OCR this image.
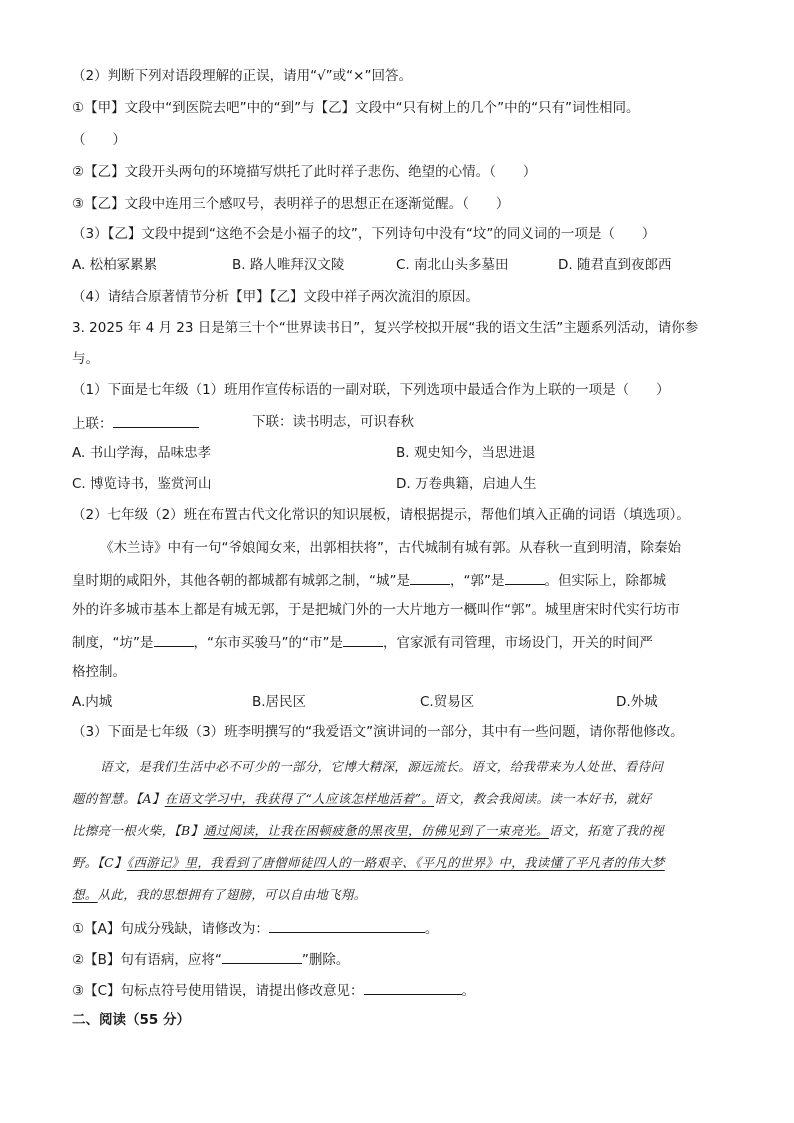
（2）判断下列对语段理解的正误，请用“√”或“×”回答。
①【甲】文段中“到医院去吧”中的“到”与【乙】文段中“只有树上的几个”中的“只有”词性相同。
（　　）
②【乙】文段开头两句的环境描写烘托了此时祥子悲伤、绝望的心情。（　　）
③【乙】文段中连用三个感叹号，表明祥子的思想正在逐渐觉醒。（　　）
（3）【乙】文段中提到“这绝不会是小福子的坟”，下列诗句中没有“坟”的同义词的一项是（　　）
A. 松柏冢累累	B. 路人唯拜汉文陵	C. 南北山头多墓田	D. 随君直到夜郎西
（4）请结合原著情节分析【甲】【乙】文段中祥子两次流泪的原因。
3. 2025 年 4 月 23 日是第三十个“世界读书日”，复兴学校拟开展“我的语文生活”主题系列活动，请你参
与。
（1）下面是七年级（1）班用作宣传标语的一副对联，下列选项中最适合作为上联的一项是（　　）
上联：	下联：读书明志，可识春秋
A. 书山学海，品味忠孝	B. 观史知今，当思进退
C. 博览诗书，鉴赏河山	D. 万卷典籍，启迪人生
（2）七年级（2）班在布置古代文化常识的知识展板，请根据提示，帮他们填入正确的词语（填选项）。
《木兰诗》中有一句“爷娘闻女来，出郭相扶将”，古代城制有城有郭。从春秋一直到明清，除秦始
皇时期的咸阳外，其他各朝的都城都有城郭之制，“城”是	，“郭”是	。但实际上，除都城
外的许多城市基本上都是有城无郭，于是把城门外的一大片地方一概叫作“郭”。城里唐宋时代实行坊市
制度，“坊”是	，“东市买骏马”的“市”是	，官家派有司管理，市场设门，开关的时间严
格控制。
A.内城	B.居民区	C.贸易区	D.外城
（3）下面是七年级（3）班李明撰写的“我爱语文”演讲词的一部分，其中有一些问题，请你帮他修改。
语文，是我们生活中必不可少的一部分，它博大精深，源远流长。语文，给我带来为人处世、看待问
题的智慧。【A】在语文学习中，我获得了“人应该怎样地活着”。语文，教会我阅读。读一本好书，就好
比擦亮一根火柴，【B】通过阅读，让我在困顿疲惫的黑夜里，仿佛见到了一束亮光。语文，拓宽了我的视
野。【C】《西游记》里，我看到了唐僧师徒四人的一路艰辛、《平凡的世界》中，我读懂了平凡者的伟大梦
想。从此，我的思想拥有了翅膀，可以自由地飞翔。
①【A】句成分残缺，请修改为：	。
②【B】句有语病，应将“	”删除。
③【C】句标点符号使用错误，请提出修改意见：	。
二、阅读（55 分）
